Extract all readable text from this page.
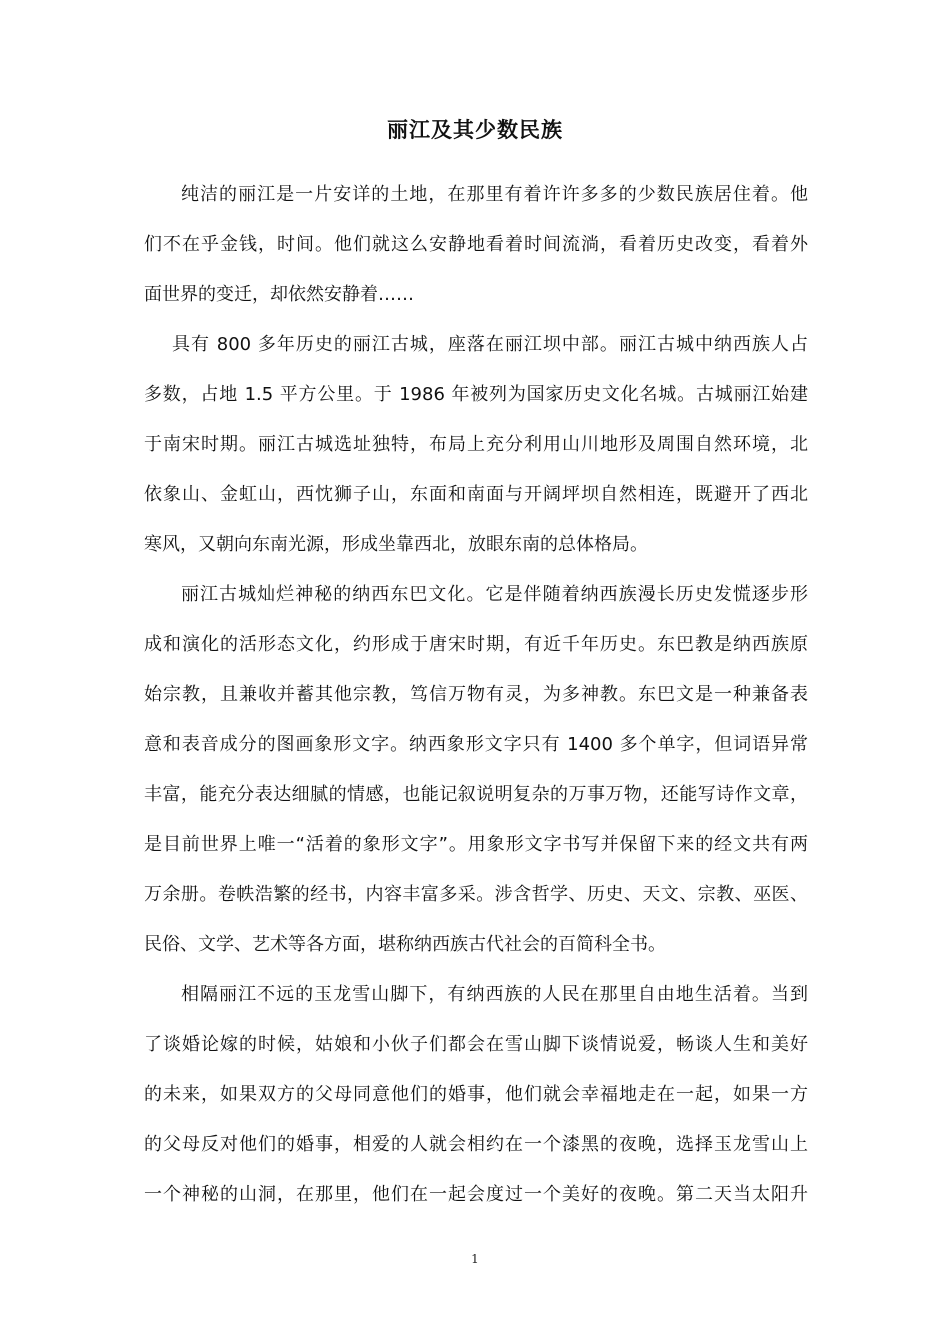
丽江及其少数民族
纯洁的丽江是一片安详的土地，在那里有着许许多多的少数民族居住着。他
们不在乎金钱，时间。他们就这么安静地看着时间流淌，看着历史改变，看着外
面世界的变迁，却依然安静着……
具有 800 多年历史的丽江古城，座落在丽江坝中部。丽江古城中纳西族人占
多数，占地 1.5 平方公里。于 1986 年被列为国家历史文化名城。古城丽江始建
于南宋时期。丽江古城选址独特，布局上充分利用山川地形及周围自然环境，北
依象山、金虹山，西忱狮子山，东面和南面与开阔坪坝自然相连，既避开了西北
寒风，又朝向东南光源，形成坐靠西北，放眼东南的总体格局。
丽江古城灿烂神秘的纳西东巴文化。它是伴随着纳西族漫长历史发慌逐步形
成和演化的活形态文化，约形成于唐宋时期，有近千年历史。东巴教是纳西族原
始宗教，且兼收并蓄其他宗教，笃信万物有灵，为多神教。东巴文是一种兼备表
意和表音成分的图画象形文字。纳西象形文字只有 1400 多个单字，但词语异常
丰富，能充分表达细腻的情感，也能记叙说明复杂的万事万物，还能写诗作文章，
是目前世界上唯一“活着的象形文字”。用象形文字书写并保留下来的经文共有两
万余册。卷帙浩繁的经书，内容丰富多采。涉含哲学、历史、天文、宗教、巫医、
民俗、文学、艺术等各方面，堪称纳西族古代社会的百简科全书。
相隔丽江不远的玉龙雪山脚下，有纳西族的人民在那里自由地生活着。当到
了谈婚论嫁的时候，姑娘和小伙子们都会在雪山脚下谈情说爱，畅谈人生和美好
的未来，如果双方的父母同意他们的婚事，他们就会幸福地走在一起，如果一方
的父母反对他们的婚事，相爱的人就会相约在一个漆黑的夜晚，选择玉龙雪山上
一个神秘的山洞，在那里，他们在一起会度过一个美好的夜晚。第二天当太阳升
1
